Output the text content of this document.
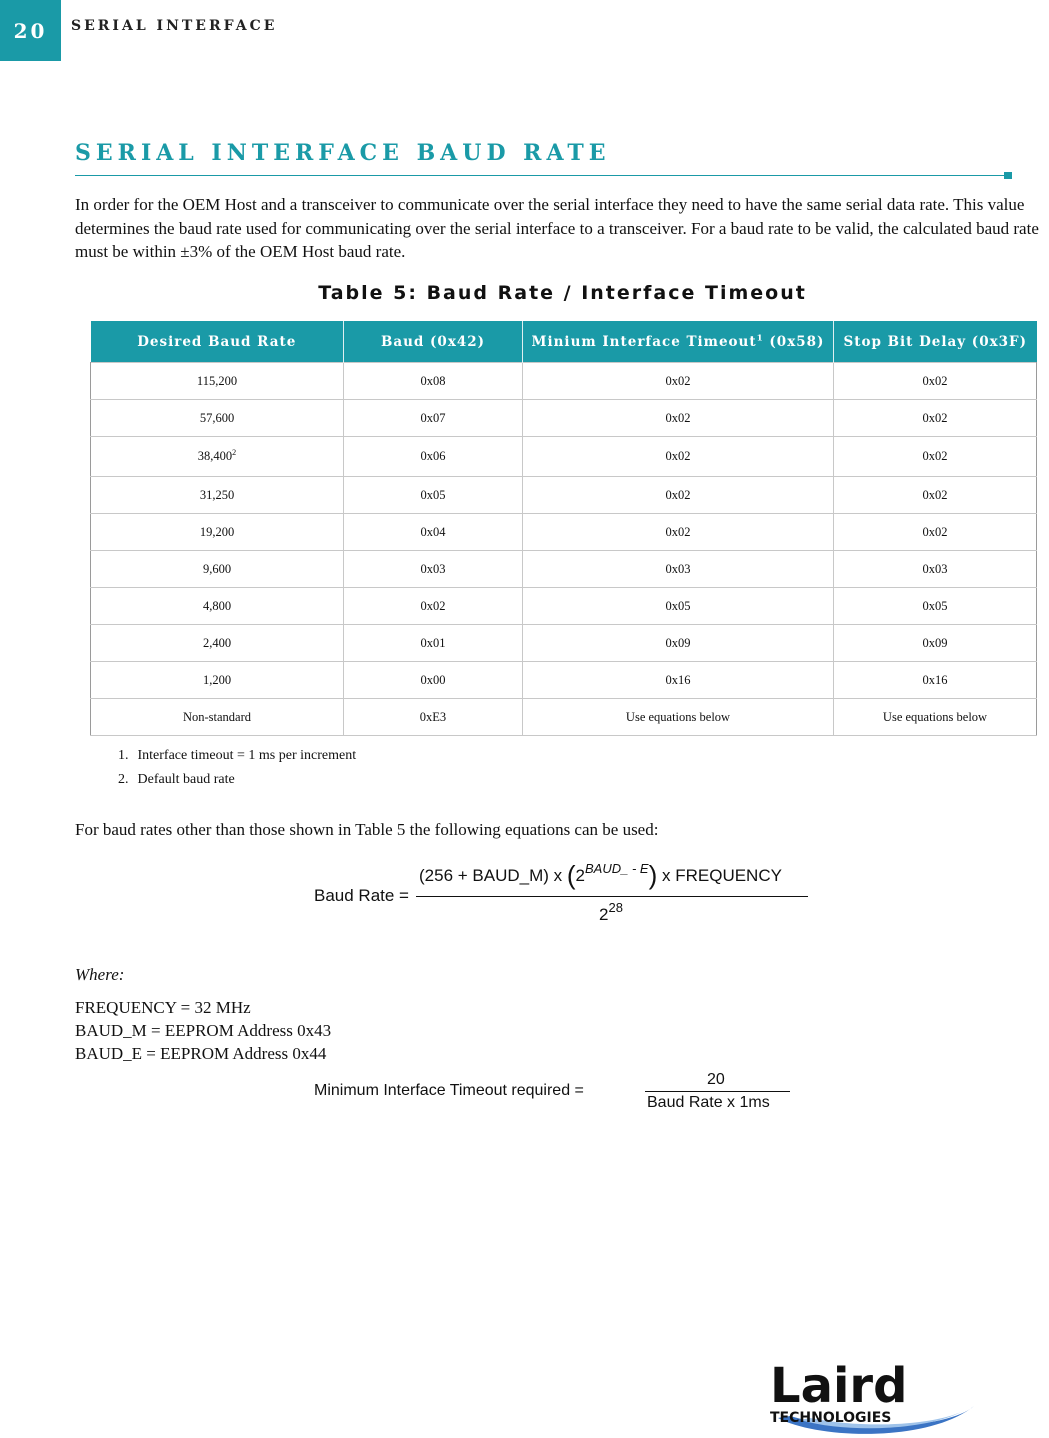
20 SERIAL INTERFACE
SERIAL INTERFACE BAUD RATE

In order for the OEM Host and a transceiver to communicate over the serial interface they need to have the same serial data rate. This value determines the baud rate used for communicating over the serial interface to a transceiver. For a baud rate to be valid, the calculated baud rate must be within ±3% of the OEM Host baud rate.

Table 5: Baud Rate / Interface Timeout
Desired Baud Rate	Baud (0x42)	Minium Interface Timeout$^1$ (0x58)	Stop Bit Delay (0x3F)
115,200	0x08	0x02	0x02
57,600	0x07	0x02	0x02
38,400$^2$	0x06	0x02	0x02
31,250	0x05	0x02	0x02
19,200	0x04	0x02	0x02
9,600	0x03	0x03	0x03
4,800	0x02	0x05	0x05
2,400	0x01	0x09	0x09
1,200	0x00	0x16	0x16
Non-standard	0xE3	Use equations below	Use equations below
1. Interface timeout = 1 ms per increment
2. Default baud rate
For baud rates other than those shown in Table 5 the following equations can be used:
Baud Rate =
(256 + BAUD_M) x $(2^{BAUD\_ - E})$ x FREQUENCY
$2^{28}$
Where:

FREQUENCY = 32 MHz
BAUD_M = EEPROM Address 0x43
BAUD_E = EEPROM Address 0x44

Minimum Interface Timeout required =
20
Baud Rate x 1ms
Laird
TECHNOLOGIES
